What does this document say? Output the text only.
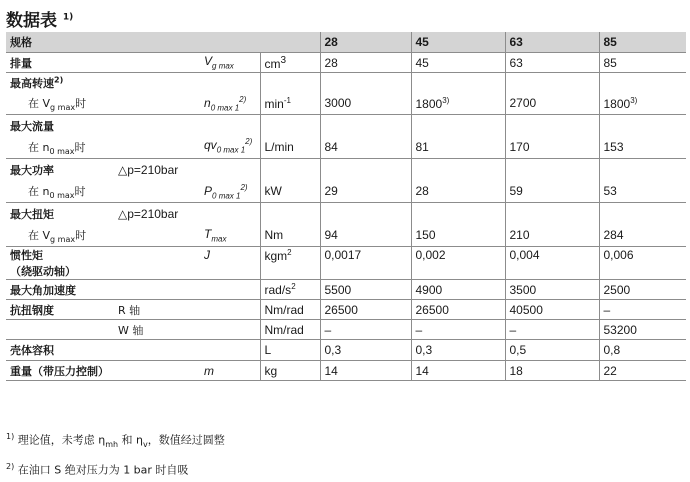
数据表 $^{1)}$
规格				28	45	63	85
排量		$V_{g max}$	$cm^3$	28	45	63	85
最高转速$^{2)}$						
在 $V_{g max}$时		$n_{0 max 1}^{2)}$	$\min^{-1}$	3000	1800$^{3)}$	2700	1800$^{3)}$
最大流量							
在 $n_{0 max}$时		$qv_{0 max 1}^{2)}$	L/min	84	81	170	153
最大功率	△p=210bar						
在 $n_{0 max}$时		$P_{0 max 1}^{2)}$	kW	29	28	59	53
最大扭矩	△p=210bar						
在 $V_{g max}$时		$T_{max}$	Nm	94	150	210	284
惯性矩		J	kgm$^2$	0,0017	0,002	0,004	0,006
（绕驱动轴）							
最大角加速度			rad/$s^2$	5500	4900	3500	2500
抗扭钢度	R 轴		Nm/rad	26500	26500	40500	–
	W 轴		Nm/rad	–	–	–	53200
壳体容积			L	0,3	0,3	0,5	0,8
重量（带压力控制）		m	kg	14	14	18	22
$^{1)}$ 理论值，未考虑 $\eta_{mh}$ 和 $\eta_v$，数值经过圆整
$^{2)}$ 在油口 S 绝对压力为 1 bar 时自吸
